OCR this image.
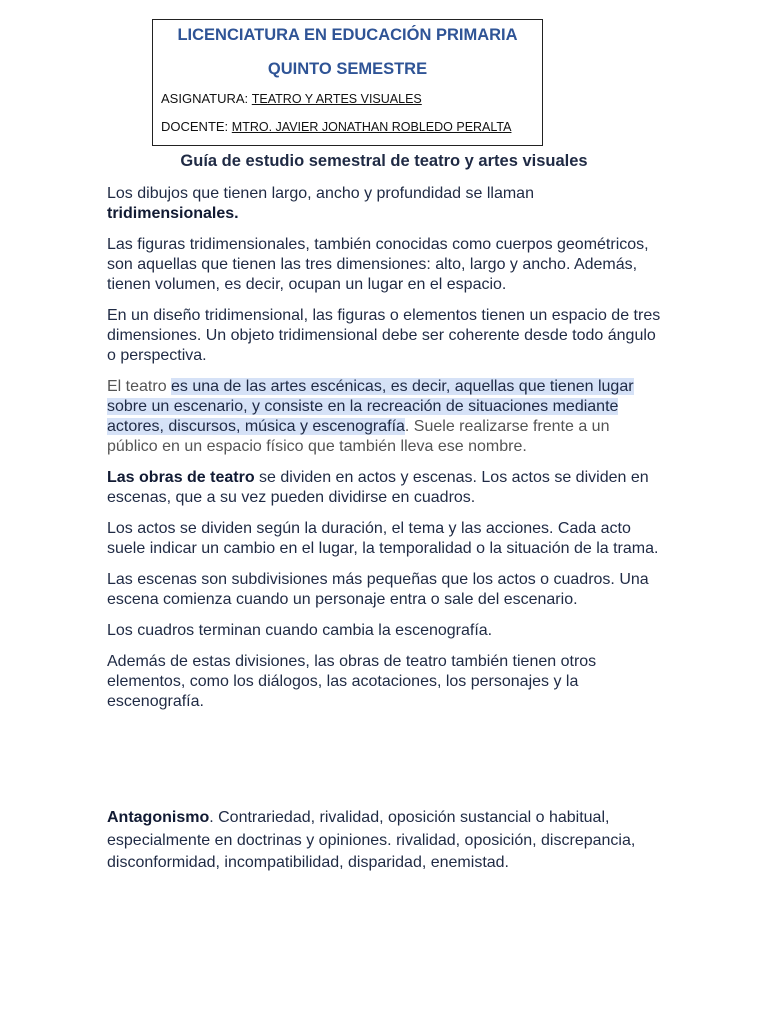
LICENCIATURA EN EDUCACIÓN PRIMARIA
QUINTO SEMESTRE
ASIGNATURA: TEATRO Y ARTES VISUALES
DOCENTE: MTRO. JAVIER JONATHAN ROBLEDO PERALTA
Guía de estudio semestral de teatro y artes visuales

Los dibujos que tienen largo, ancho y profundidad se llaman tridimensionales.

Las figuras tridimensionales, también conocidas como cuerpos geométricos, son aquellas que tienen las tres dimensiones: alto, largo y ancho. Además, tienen volumen, es decir, ocupan un lugar en el espacio.

En un diseño tridimensional, las figuras o elementos tienen un espacio de tres dimensiones. Un objeto tridimensional debe ser coherente desde todo ángulo o perspectiva.

El teatro es una de las artes escénicas, es decir, aquellas que tienen lugar sobre un escenario, y consiste en la recreación de situaciones mediante actores, discursos, música y escenografía. Suele realizarse frente a un público en un espacio físico que también lleva ese nombre.

Las obras de teatro se dividen en actos y escenas. Los actos se dividen en escenas, que a su vez pueden dividirse en cuadros.

Los actos se dividen según la duración, el tema y las acciones. Cada acto suele indicar un cambio en el lugar, la temporalidad o la situación de la trama.

Las escenas son subdivisiones más pequeñas que los actos o cuadros. Una escena comienza cuando un personaje entra o sale del escenario.

Los cuadros terminan cuando cambia la escenografía.

Además de estas divisiones, las obras de teatro también tienen otros elementos, como los diálogos, las acotaciones, los personajes y la escenografía.

Antagonismo. Contrariedad, rivalidad, oposición sustancial o habitual, especialmente en doctrinas y opiniones. rivalidad, oposición, discrepancia, disconformidad, incompatibilidad, disparidad, enemistad.
